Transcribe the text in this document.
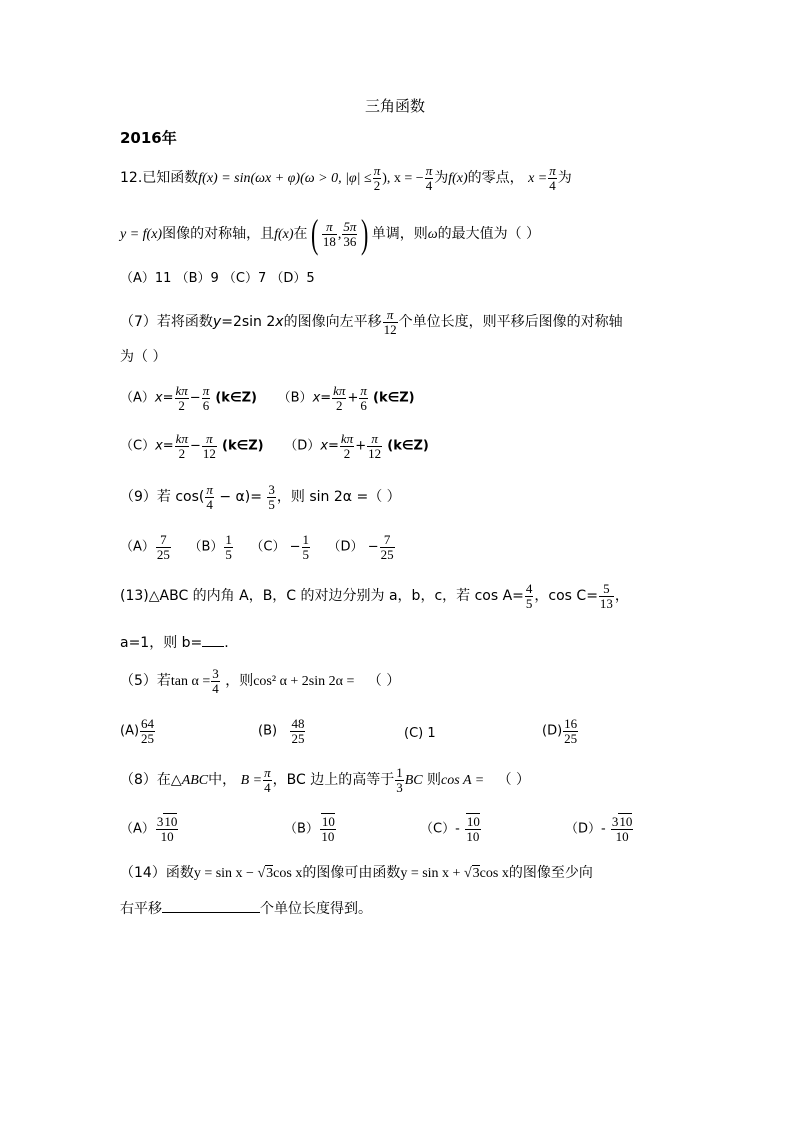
三角函数
2016年
12.已知函数f(x) = sin(ωx + φ)(ω > 0, $|\varphi| \le \frac{\pi}{2}$ ), x = − $\frac{\pi}{4}$ 为f(x)的零点， $x = \frac{\pi}{4}$ 为
y = f(x)图像的对称轴，且f(x)在( $\frac{\pi}{18}$ , $\frac{5\pi}{36}$ ) 单调，则ω的最大值为（ ）
（A）11 （B）9 （C）7 （D）5
（7）若将函数y=2sin 2x的图像向左平移 $\frac{\pi}{12}$ 个单位长度，则平移后图像的对称轴
为（ ）
$(A)x= \frac{k\pi}{2} - \frac{\pi}{6}$ (k∈Z) $(B)x= \frac{k\pi}{2} + \frac{\pi}{6}$ (k∈Z)
$(C)x= \frac{k\pi}{2} - \frac{\pi}{12}$ (k∈Z) $(D)x= \frac{k\pi}{2} + \frac{\pi}{12}$ (k∈Z)
（9）若 $\cos( \frac{\pi}{4} - \alpha)= \frac{3}{5}$ ，则 sin 2α =（ ）
$(A) \frac{7}{25} (B) \frac{1}{5} (C) - \frac{1}{5} (D) - \frac{7}{25}$
(13)△ABC 的内角 A，B，C 的对边分别为 a，b，c，若 $\cos A= \frac{4}{5}$ ，$\cos C= \frac{5}{13}$ ，
a=1，则 b= .
（5）若$\tan \alpha = \frac{3}{4}$ ，则cos² α + 2sin 2α = （ ）
$(A) \frac{64}{25}$	$(B) \frac{48}{25}$	(C) 1	$(D) \frac{16}{25}$
（8）在△ABC中， $B = \frac{\pi}{4}$ ，BC 边上的高等于 $\frac{1}{3}$ BC 则cos A = （ ）
$(A) \frac{310}{10}$	$(B) \frac{10}{10}$	$(C)- \frac{10}{10}$	$(D)- \frac{310}{10}$
（14）函数y = sin x − √3cos x的图像可由函数y = sin x + √3cos x的图像至少向
右平移	个单位长度得到。
